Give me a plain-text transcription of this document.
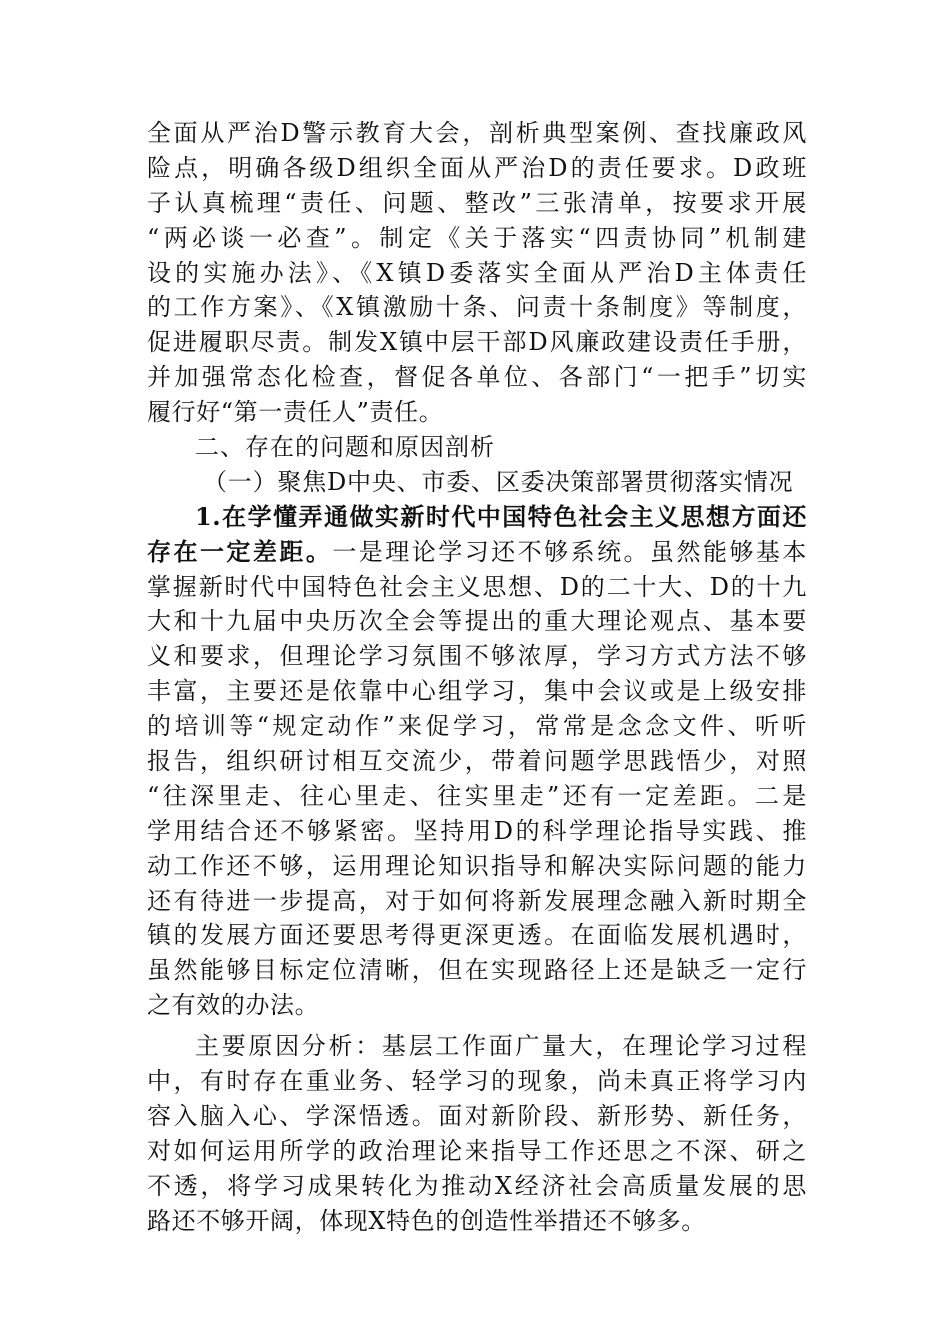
全面从严治D警示教育大会，剖析典型案例、查找廉政风
险点，明确各级D组织全面从严治D的责任要求。D政班
子认真梳理“责任、问题、整改”三张清单，按要求开展
“两必谈一必查”。制定《关于落实“四责协同”机制建
设的实施办法》、《X镇D委落实全面从严治D主体责任
的工作方案》、《X镇激励十条、问责十条制度》等制度，
促进履职尽责。制发X镇中层干部D风廉政建设责任手册，
并加强常态化检查，督促各单位、各部门“一把手”切实
履行好“第一责任人”责任。
二、存在的问题和原因剖析
（一）聚焦D中央、市委、区委决策部署贯彻落实情况
1.在学懂弄通做实新时代中国特色社会主义思想方面还
存在一定差距。一是理论学习还不够系统。虽然能够基本
掌握新时代中国特色社会主义思想、D的二十大、D的十九
大和十九届中央历次全会等提出的重大理论观点、基本要
义和要求，但理论学习氛围不够浓厚，学习方式方法不够
丰富，主要还是依靠中心组学习，集中会议或是上级安排
的培训等“规定动作”来促学习，常常是念念文件、听听
报告，组织研讨相互交流少，带着问题学思践悟少，对照
“往深里走、往心里走、往实里走”还有一定差距。二是
学用结合还不够紧密。坚持用D的科学理论指导实践、推
动工作还不够，运用理论知识指导和解决实际问题的能力
还有待进一步提高，对于如何将新发展理念融入新时期全
镇的发展方面还要思考得更深更透。在面临发展机遇时，
虽然能够目标定位清晰，但在实现路径上还是缺乏一定行
之有效的办法。
主要原因分析：基层工作面广量大，在理论学习过程
中，有时存在重业务、轻学习的现象，尚未真正将学习内
容入脑入心、学深悟透。面对新阶段、新形势、新任务，
对如何运用所学的政治理论来指导工作还思之不深、研之
不透，将学习成果转化为推动X经济社会高质量发展的思
路还不够开阔，体现X特色的创造性举措还不够多。
